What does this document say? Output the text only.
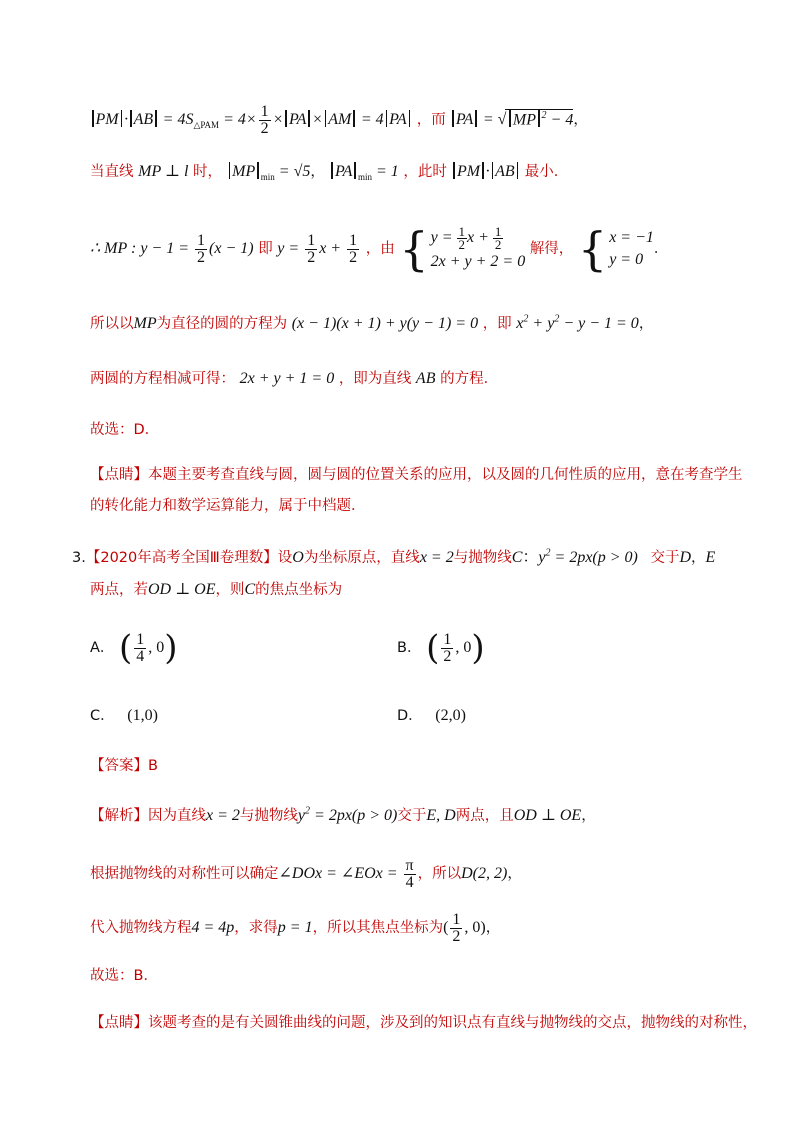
PM · AB = $4S_{\triangle PAM} = 4\times \frac{1}{2}$ × PA × AM = 4 PA ，而 PA = √ MP $^2$ − 4，
当直线 MP ⊥ l 时， MP $_{min}$ = √5， PA $_{min}$ = 1 ，此时 PM · AB 最小．
∴ MP : $y - 1 = \frac{1}{2} (x - 1)$ 即 $y = \frac{1}{2}$ $x + \frac{1}{2}$ ，由 { $y = \frac{1}{2}$ $x + \frac{1}{2}$
2x + y + 2 = 0
解得， { x = −1
y = 0
．
所以以MP为直径的圆的方程为 (x − 1)(x + 1) + y(y − 1) = 0 ，即 $x^2 + y^2 - y - 1 = 0$，
两圆的方程相减可得： 2x + y + 1 = 0 ，即为直线 AB 的方程．
故选：D．
【点睛】本题主要考查直线与圆，圆与圆的位置关系的应用，以及圆的几何性质的应用，意在考查学生
的转化能力和数学运算能力，属于中档题．
3.【2020年高考全国Ⅲ卷理数】设O为坐标原点，直线x = 2与抛物线C：$y^2 = 2px(p > 0)$ 交于D，E
两点，若OD ⊥ OE，则C的焦点坐标为
A． ( $\frac{1}{4}$ , 0)	B． ( $\frac{1}{2}$ , 0)
C． (1,0)	D． (2,0)
【答案】B
【解析】因为直线x = 2与抛物线$y^2 = 2px(p > 0)$交于E, D两点，且OD ⊥ OE，
根据抛物线的对称性可以确定∠DOx = ∠EOx = $\frac{\pi}{4}$ ，所以D(2, 2)，
代入抛物线方程4 = 4p，求得p = 1，所以其焦点坐标为( $\frac{1}{2}$ , 0)，
故选：B．
【点睛】该题考查的是有关圆锥曲线的问题，涉及到的知识点有直线与抛物线的交点，抛物线的对称性，
